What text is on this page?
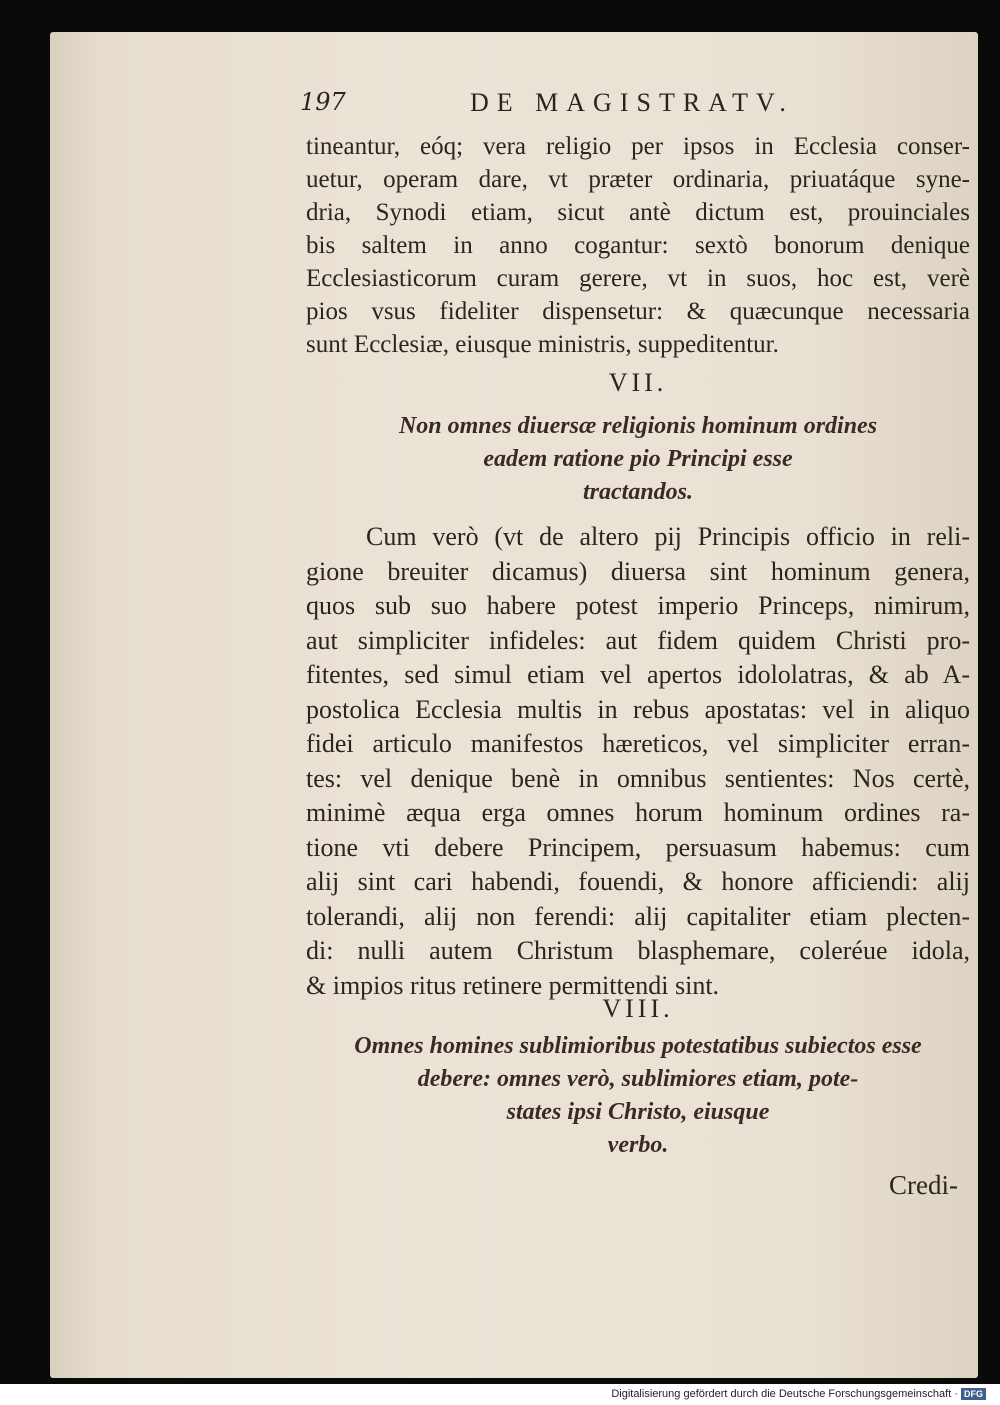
197	DE MAGISTRATV.
tineantur, eóq; vera religio per ipsos in Ecclesia conser-
uetur, operam dare, vt præter ordinaria, priuatáque syne-
dria, Synodi etiam, sicut antè dictum est, prouinciales
bis saltem in anno cogantur: sextò bonorum denique
Ecclesiasticorum curam gerere, vt in suos, hoc est, verè
pios vsus fideliter dispensetur: & quæcunque necessaria
sunt Ecclesiæ, eiusque ministris, suppeditentur.
VII.
Non omnes diuersæ religionis hominum ordines
eadem ratione pio Principi esse
tractandos.
Cum verò (vt de altero pij Principis officio in reli-
gione breuiter dicamus) diuersa sint hominum genera,
quos sub suo habere potest imperio Princeps, nimirum,
aut simpliciter infideles: aut fidem quidem Christi pro-
fitentes, sed simul etiam vel apertos idololatras, & ab A-
postolica Ecclesia multis in rebus apostatas: vel in aliquo
fidei articulo manifestos hæreticos, vel simpliciter erran-
tes: vel denique benè in omnibus sentientes: Nos certè,
minimè æqua erga omnes horum hominum ordines ra-
tione vti debere Principem, persuasum habemus: cum
alij sint cari habendi, fouendi, & honore afficiendi: alij
tolerandi, alij non ferendi: alij capitaliter etiam plecten-
di: nulli autem Christum blasphemare, coleréue idola,
& impios ritus retinere permittendi sint.
VIII.
Omnes homines sublimioribus potestatibus subiectos esse
debere: omnes verò, sublimiores etiam, pote-
states ipsi Christo, eiusque
verbo.
Credi-
Digitalisierung gefördert durch die Deutsche Forschungsgemeinschaft · DFG
